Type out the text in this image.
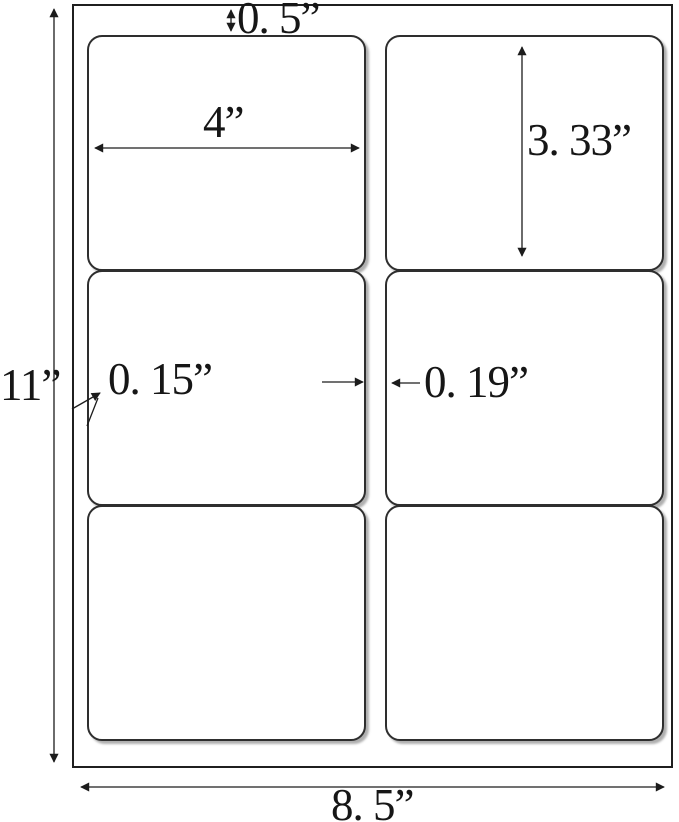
0. 5”
4”	3. 33”
0. 15”	0. 19”
11”
8. 5”
